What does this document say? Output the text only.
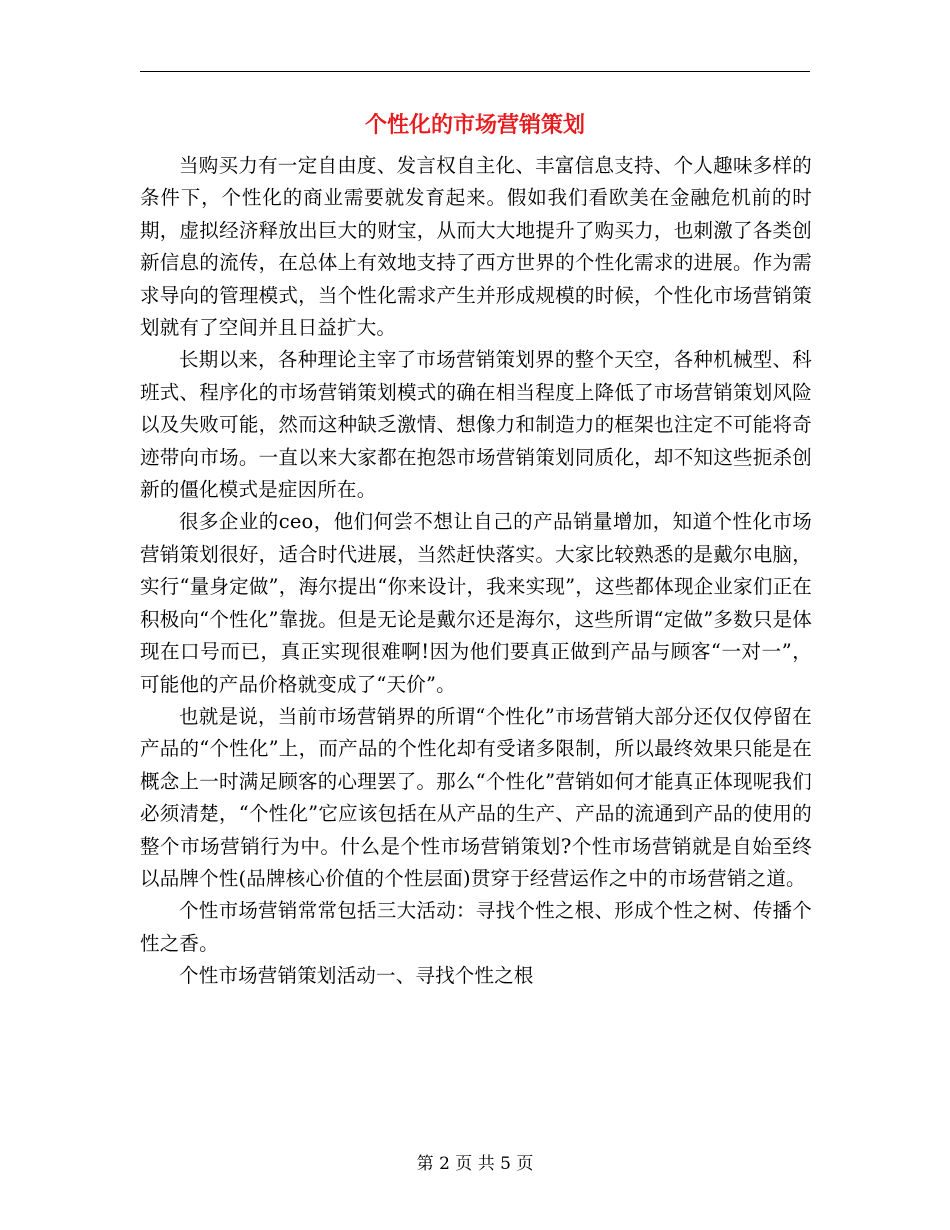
个性化的市场营销策划

当购买力有一定自由度、发言权自主化、丰富信息支持、个人趣味多样的条件下，个性化的商业需要就发育起来。假如我们看欧美在金融危机前的时期，虚拟经济释放出巨大的财宝，从而大大地提升了购买力，也刺激了各类创新信息的流传，在总体上有效地支持了西方世界的个性化需求的进展。作为需求导向的管理模式，当个性化需求产生并形成规模的时候，个性化市场营销策划就有了空间并且日益扩大。

长期以来，各种理论主宰了市场营销策划界的整个天空，各种机械型、科班式、程序化的市场营销策划模式的确在相当程度上降低了市场营销策划风险以及失败可能，然而这种缺乏激情、想像力和制造力的框架也注定不可能将奇迹带向市场。一直以来大家都在抱怨市场营销策划同质化，却不知这些扼杀创新的僵化模式是症因所在。

很多企业的ceo，他们何尝不想让自己的产品销量增加，知道个性化市场营销策划很好，适合时代进展，当然赶快落实。大家比较熟悉的是戴尔电脑，实行“量身定做”，海尔提出“你来设计，我来实现”，这些都体现企业家们正在积极向“个性化”靠拢。但是无论是戴尔还是海尔，这些所谓“定做”多数只是体现在口号而已，真正实现很难啊!因为他们要真正做到产品与顾客“一对一”，可能他的产品价格就变成了“天价”。

也就是说，当前市场营销界的所谓“个性化”市场营销大部分还仅仅停留在产品的“个性化”上，而产品的个性化却有受诸多限制，所以最终效果只能是在概念上一时满足顾客的心理罢了。那么“个性化”营销如何才能真正体现呢我们必须清楚，“个性化”它应该包括在从产品的生产、产品的流通到产品的使用的整个市场营销行为中。什么是个性市场营销策划?个性市场营销就是自始至终以品牌个性(品牌核心价值的个性层面)贯穿于经营运作之中的市场营销之道。

个性市场营销常常包括三大活动：寻找个性之根、形成个性之树、传播个性之香。

个性市场营销策划活动一、寻找个性之根

第 2 页 共 5 页
